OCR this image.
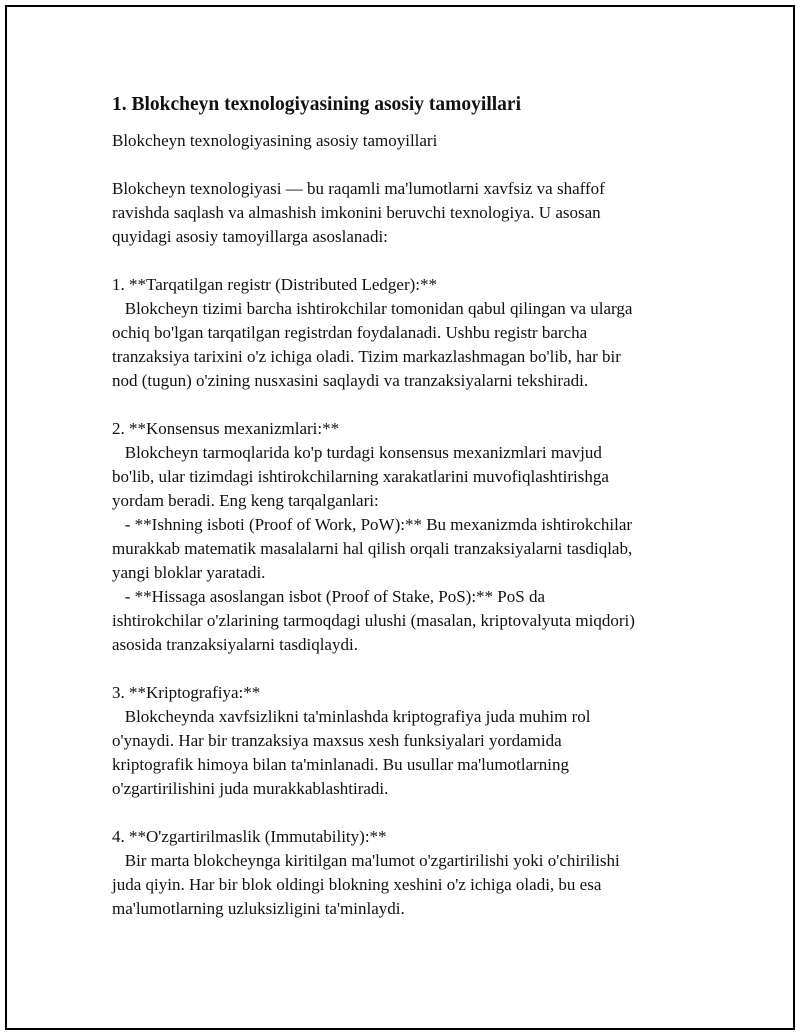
1. Blokcheyn texnologiyasining asosiy tamoyillari
Blokcheyn texnologiyasining asosiy tamoyillari
Blokcheyn texnologiyasi — bu raqamli ma'lumotlarni xavfsiz va shaffof
ravishda saqlash va almashish imkonini beruvchi texnologiya. U asosan
quyidagi asosiy tamoyillarga asoslanadi:
1. **Tarqatilgan registr (Distributed Ledger):**
Blokcheyn tizimi barcha ishtirokchilar tomonidan qabul qilingan va ularga
ochiq bo'lgan tarqatilgan registrdan foydalanadi. Ushbu registr barcha
tranzaksiya tarixini o'z ichiga oladi. Tizim markazlashmagan bo'lib, har bir
nod (tugun) o'zining nusxasini saqlaydi va tranzaksiyalarni tekshiradi.
2. **Konsensus mexanizmlari:**
Blokcheyn tarmoqlarida ko'p turdagi konsensus mexanizmlari mavjud
bo'lib, ular tizimdagi ishtirokchilarning xarakatlarini muvofiqlashtirishga
yordam beradi. Eng keng tarqalganlari:
- **Ishning isboti (Proof of Work, PoW):** Bu mexanizmda ishtirokchilar
murakkab matematik masalalarni hal qilish orqali tranzaksiyalarni tasdiqlab,
yangi bloklar yaratadi.
- **Hissaga asoslangan isbot (Proof of Stake, PoS):** PoS da
ishtirokchilar o'zlarining tarmoqdagi ulushi (masalan, kriptovalyuta miqdori)
asosida tranzaksiyalarni tasdiqlaydi.
3. **Kriptografiya:**
Blokcheynda xavfsizlikni ta'minlashda kriptografiya juda muhim rol
o'ynaydi. Har bir tranzaksiya maxsus xesh funksiyalari yordamida
kriptografik himoya bilan ta'minlanadi. Bu usullar ma'lumotlarning
o'zgartirilishini juda murakkablashtiradi.
4. **O'zgartirilmaslik (Immutability):**
Bir marta blokcheynga kiritilgan ma'lumot o'zgartirilishi yoki o'chirilishi
juda qiyin. Har bir blok oldingi blokning xeshini o'z ichiga oladi, bu esa
ma'lumotlarning uzluksizligini ta'minlaydi.
